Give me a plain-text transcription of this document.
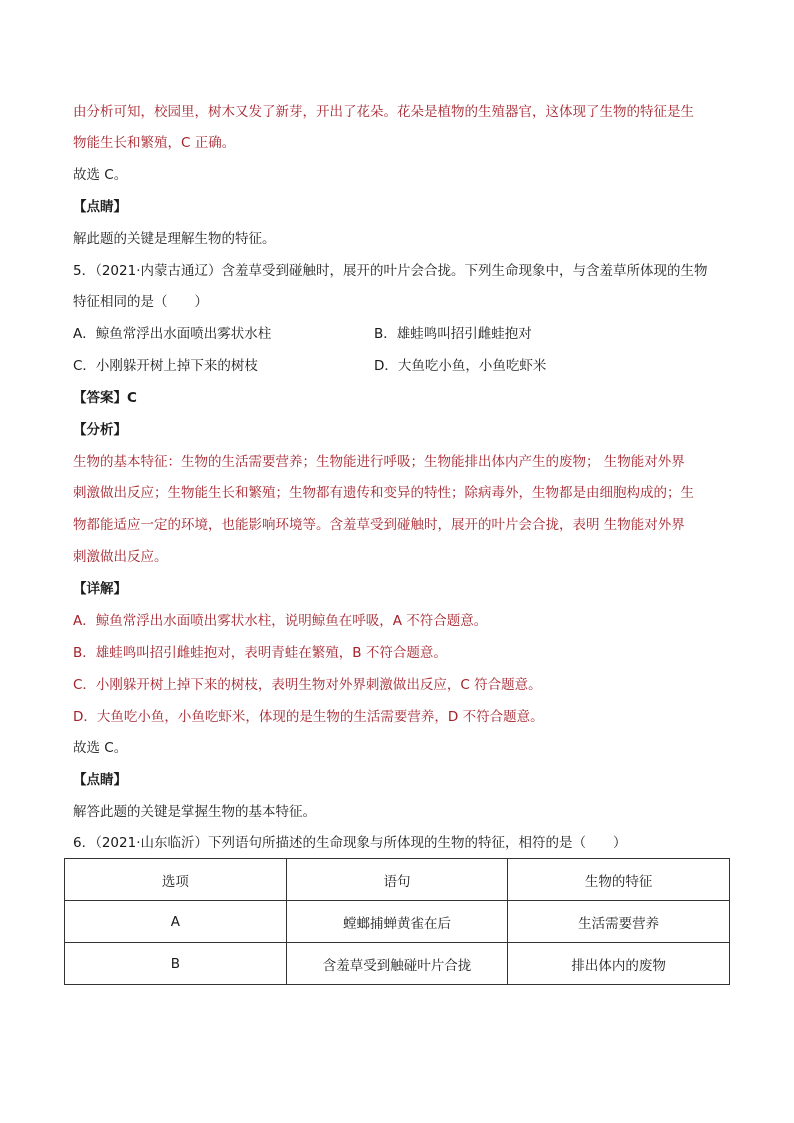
由分析可知，校园里，树木又发了新芽，开出了花朵。花朵是植物的生殖器官，这体现了生物的特征是生
物能生长和繁殖，C 正确。
故选 C。
【点睛】
解此题的关键是理解生物的特征。
5．（2021·内蒙古通辽）含羞草受到碰触时，展开的叶片会合拢。下列生命现象中，与含羞草所体现的生物
特征相同的是（　　）
A．鲸鱼常浮出水面喷出雾状水柱	B．雄蛙鸣叫招引雌蛙抱对
C．小刚躲开树上掉下来的树枝	D．大鱼吃小鱼，小鱼吃虾米
【答案】C
【分析】
生物的基本特征：生物的生活需要营养；生物能进行呼吸；生物能排出体内产生的废物； 生物能对外界
刺激做出反应；生物能生长和繁殖；生物都有遗传和变异的特性；除病毒外，生物都是由细胞构成的；生
物都能适应一定的环境，也能影响环境等。含羞草受到碰触时，展开的叶片会合拢，表明 生物能对外界
刺激做出反应。
【详解】
A．鲸鱼常浮出水面喷出雾状水柱，说明鲸鱼在呼吸，A 不符合题意。
B．雄蛙鸣叫招引雌蛙抱对，表明青蛙在繁殖，B 不符合题意。
C．小刚躲开树上掉下来的树枝，表明生物对外界刺激做出反应，C 符合题意。
D．大鱼吃小鱼，小鱼吃虾米，体现的是生物的生活需要营养，D 不符合题意。
故选 C。
【点睛】
解答此题的关键是掌握生物的基本特征。
6．（2021·山东临沂）下列语句所描述的生命现象与所体现的生物的特征，相符的是（　　）
选项	语句	生物的特征
A	螳螂捕蝉黄雀在后	生活需要营养
B	含羞草受到触碰叶片合拢	排出体内的废物
